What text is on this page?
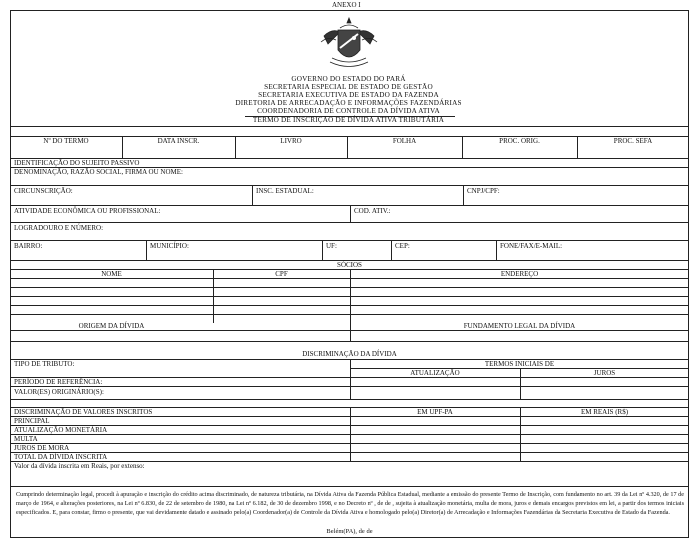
ANEXO I
GOVERNO DO ESTADO DO PARÁ
SECRETARIA ESPECIAL DE ESTADO DE GESTÃO
SECRETARIA EXECUTIVA DE ESTADO DA FAZENDA
DIRETORIA DE ARRECADAÇÃO E INFORMAÇÕES FAZENDÁRIAS
COORDENADORIA DE CONTROLE DA DÍVIDA ATIVA
TERMO DE INSCRIÇÃO DE DÍVIDA ATIVA TRIBUTÁRIA
Nº DO TERMO	DATA INSCR.	LIVRO	FOLHA	PROC. ORIG.	PROC. SEFA
IDENTIFICAÇÃO DO SUJEITO PASSIVO
DENOMINAÇÃO, RAZÃO SOCIAL, FIRMA OU NOME:
CIRCUNSCRIÇÃO:	INSC. ESTADUAL:	CNPJ/CPF:
ATIVIDADE ECONÔMICA OU PROFISSIONAL:	COD. ATIV.:
LOGRADOURO E NÚMERO:
BAIRRO:	MUNICÍPIO:	UF:	CEP:	FONE/FAX/E-MAIL:
SÓCIOS
NOME	CPF	ENDEREÇO
ORIGEM DA DÍVIDA	FUNDAMENTO LEGAL DA DÍVIDA
DISCRIMINAÇÃO DA DÍVIDA
TIPO DE TRIBUTO:	TERMOS INICIAIS DE
ATUALIZAÇÃO	JUROS
PERÍODO DE REFERÊNCIA:
VALOR(ES) ORIGINÁRIO(S):
DISCRIMINAÇÃO DE VALORES INSCRITOS	EM UPF-PA	EM REAIS (R$)
PRINCIPAL
ATUALIZAÇÃO MONETÁRIA
MULTA
JUROS DE MORA
TOTAL DA DÍVIDA INSCRITA
Valor da dívida inscrita em Reais, por extenso:
Cumprindo determinação legal, procedi à apuração e inscrição do crédito acima discriminado, de natureza tributária, na Dívida Ativa da Fazenda Pública Estadual, mediante a emissão do presente Termo de Inscrição, com fundamento no art. 39 da Lei nº 4.320, de 17 de março de 1964, e alterações posteriores, na Lei nº 6.830, de 22 de setembro de 1980, na Lei nº 6.182, de 30 de dezembro 1998, e no Decreto nº , de de , sujeita à atualização monetária, multa de mora, juros e demais encargos previstos em lei, a partir dos termos iniciais especificados. E, para constar, firmo o presente, que vai devidamente datado e assinado pelo(a) Coordenador(a) de Controle da Dívida Ativa e homologado pelo(a) Diretor(a) de Arrecadação e Informações Fazendárias da Secretaria Executiva de Estado da Fazenda.
Belém(PA), de de
